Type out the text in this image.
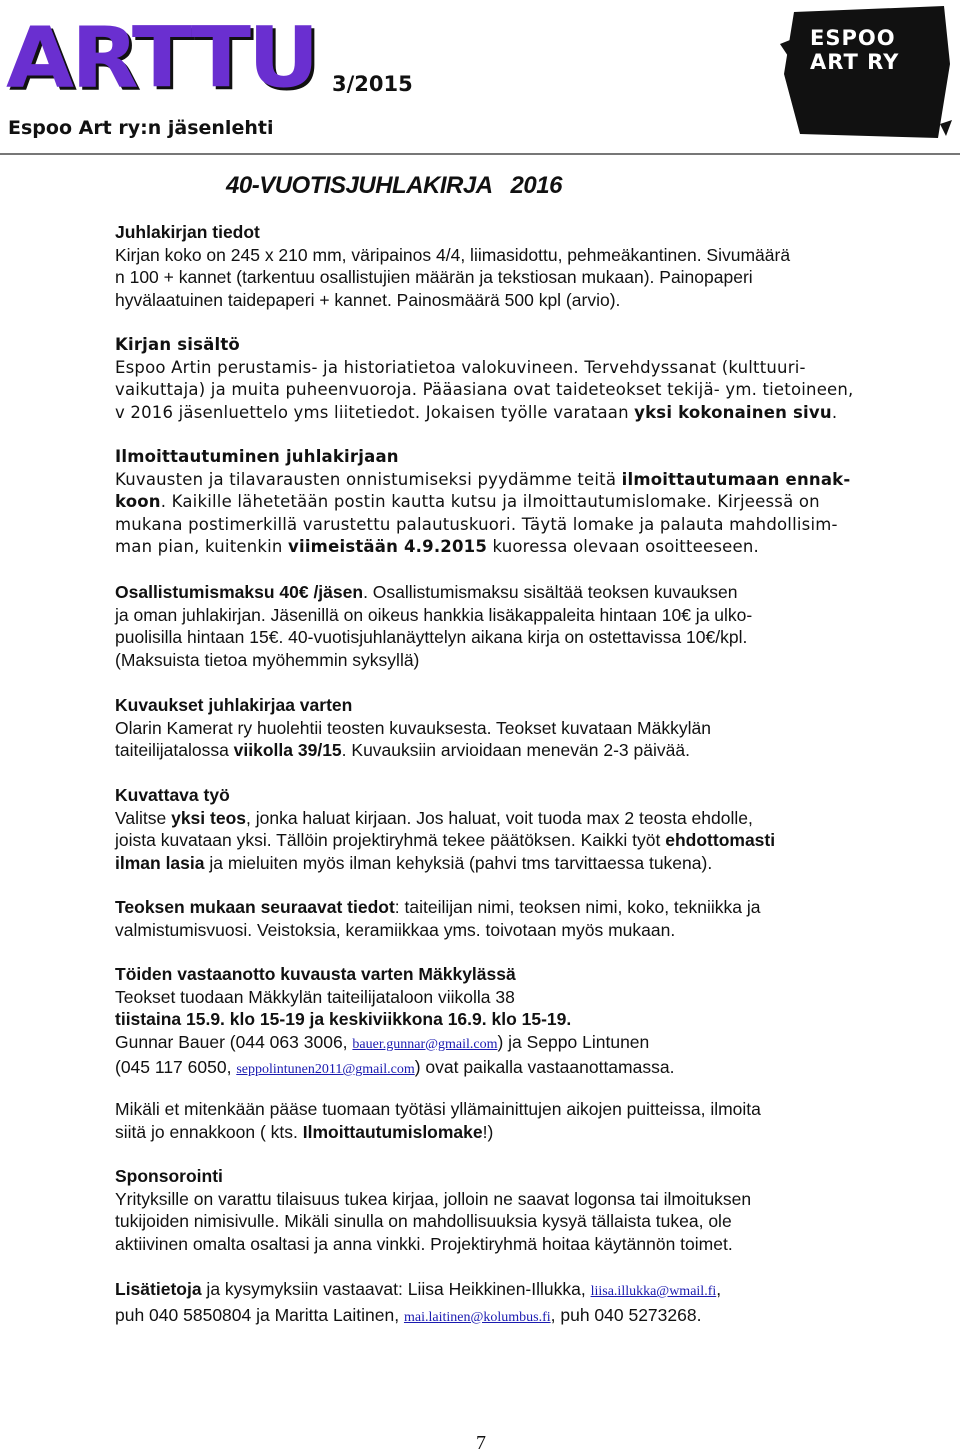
ARTTU
Espoo Art ry:n jäsenlehti
3/2015
ESPOO
ART RY
40-VUOTISJUHLAKIRJA 2016
Juhlakirjan tiedot

Kirjan koko on 245 x 210 mm, väripainos 4/4, liimasidottu, pehmeäkantinen. Sivumäärä

n 100 + kannet (tarkentuu osallistujien määrän ja tekstiosan mukaan). Painopaperi

hyvälaatuinen taidepaperi + kannet. Painosmäärä 500 kpl (arvio).

Kirjan sisältö

Espoo Artin perustamis- ja historiatietoa valokuvineen. Tervehdyssanat (kulttuuri-

vaikuttaja) ja muita puheenvuoroja. Pääasiana ovat taideteokset tekijä- ym. tietoineen,

v 2016 jäsenluettelo yms liitetiedot. Jokaisen työlle varataan yksi kokonainen sivu.

Ilmoittautuminen juhlakirjaan

Kuvausten ja tilavarausten onnistumiseksi pyydämme teitä ilmoittautumaan ennak-

koon. Kaikille lähetetään postin kautta kutsu ja ilmoittautumislomake. Kirjeessä on

mukana postimerkillä varustettu palautuskuori. Täytä lomake ja palauta mahdollisim-

man pian, kuitenkin viimeistään 4.9.2015 kuoressa olevaan osoitteeseen.

Osallistumismaksu 40€ /jäsen. Osallistumismaksu sisältää teoksen kuvauksen

ja oman juhlakirjan. Jäsenillä on oikeus hankkia lisäkappaleita hintaan 10€ ja ulko-

puolisilla hintaan 15€. 40-vuotisjuhlanäyttelyn aikana kirja on ostettavissa 10€/kpl.

(Maksuista tietoa myöhemmin syksyllä)

Kuvaukset juhlakirjaa varten

Olarin Kamerat ry huolehtii teosten kuvauksesta. Teokset kuvataan Mäkkylän

taiteilijatalossa viikolla 39/15. Kuvauksiin arvioidaan menevän 2-3 päivää.

Kuvattava työ

Valitse yksi teos, jonka haluat kirjaan. Jos haluat, voit tuoda max 2 teosta ehdolle,

joista kuvataan yksi. Tällöin projektiryhmä tekee päätöksen. Kaikki työt ehdottomasti

ilman lasia ja mieluiten myös ilman kehyksiä (pahvi tms tarvittaessa tukena).

Teoksen mukaan seuraavat tiedot: taiteilijan nimi, teoksen nimi, koko, tekniikka ja

valmistumisvuosi. Veistoksia, keramiikkaa yms. toivotaan myös mukaan.

Töiden vastaanotto kuvausta varten Mäkkylässä

Teokset tuodaan Mäkkylän taiteilijataloon viikolla 38

tiistaina 15.9. klo 15-19 ja keskiviikkona 16.9. klo 15-19.

Gunnar Bauer (044 063 3006, bauer.gunnar@gmail.com) ja Seppo Lintunen

(045 117 6050, seppolintunen2011@gmail.com) ovat paikalla vastaanottamassa.

Mikäli et mitenkään pääse tuomaan työtäsi yllämainittujen aikojen puitteissa, ilmoita

siitä jo ennakkoon ( kts. Ilmoittautumislomake!)

Sponsorointi

Yrityksille on varattu tilaisuus tukea kirjaa, jolloin ne saavat logonsa tai ilmoituksen

tukijoiden nimisivulle. Mikäli sinulla on mahdollisuuksia kysyä tällaista tukea, ole

aktiivinen omalta osaltasi ja anna vinkki. Projektiryhmä hoitaa käytännön toimet.

Lisätietoja ja kysymyksiin vastaavat: Liisa Heikkinen-Illukka, liisa.illukka@wmail.fi,

puh 040 5850804 ja Maritta Laitinen, mai.laitinen@kolumbus.fi, puh 040 5273268.

7
